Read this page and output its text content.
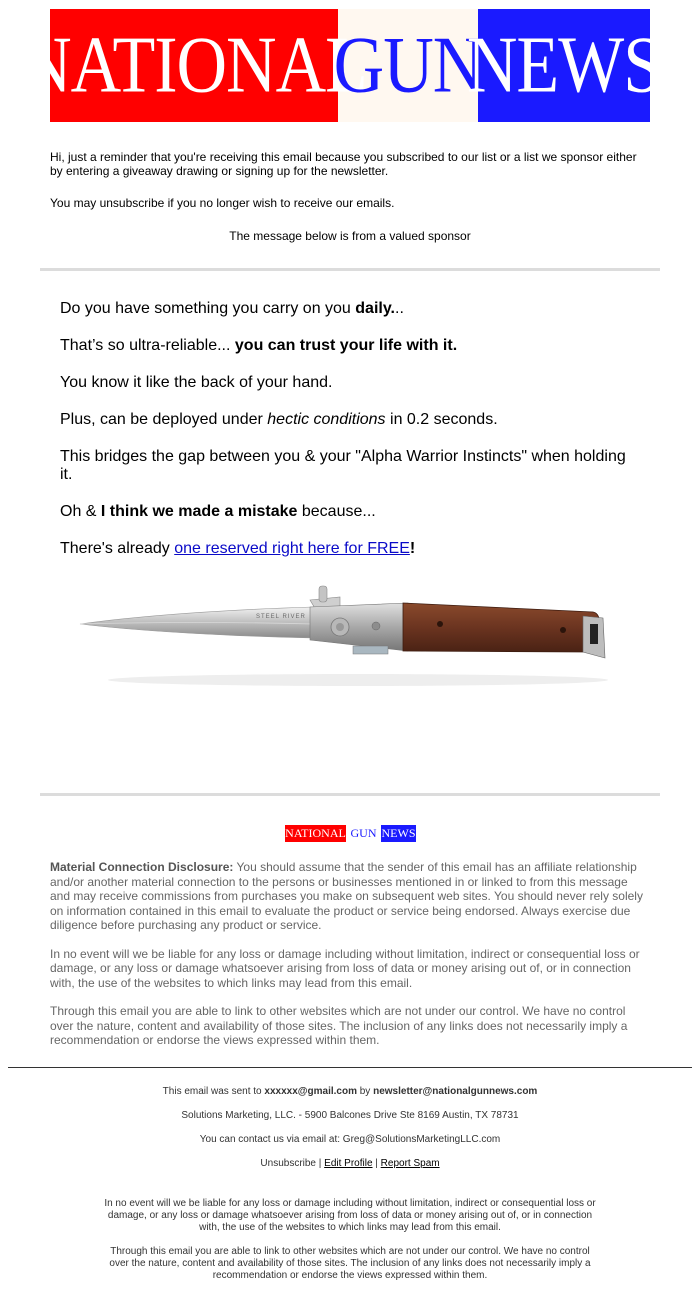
NATIONAL
GUN
NEWS
Hi, just a reminder that you're receiving this email because you subscribed to our list or a list we sponsor either by entering a giveaway drawing or signing up for the newsletter.
You may unsubscribe if you no longer wish to receive our emails.
The message below is from a valued sponsor

Do you have something you carry on you daily...

That’s so ultra-reliable... you can trust your life with it.

You know it like the back of your hand.

Plus, can be deployed under hectic conditions in 0.2 seconds.

This bridges the gap between you & your "Alpha Warrior Instincts" when holding it.

Oh & I think we made a mistake because...

There's already one reserved right here for FREE!

STEEL RIVER
NATIONAL GUN NEWS

Material Connection Disclosure: You should assume that the sender of this email has an affiliate relationship and/or another material connection to the persons or businesses mentioned in or linked to from this message and may receive commissions from purchases you make on subsequent web sites. You should never rely solely on information contained in this email to evaluate the product or service being endorsed. Always exercise due diligence before purchasing any product or service.

In no event will we be liable for any loss or damage including without limitation, indirect or consequential loss or damage, or any loss or damage whatsoever arising from loss of data or money arising out of, or in connection with, the use of the websites to which links may lead from this email.

Through this email you are able to link to other websites which are not under our control. We have no control over the nature, content and availability of those sites. The inclusion of any links does not necessarily imply a recommendation or endorse the views expressed within them.

This email was sent to xxxxxx@gmail.com by newsletter@nationalgunnews.com
Solutions Marketing, LLC. - 5900 Balcones Drive Ste 8169 Austin, TX 78731
You can contact us via email at: Greg@SolutionsMarketingLLC.com
Unsubscribe | Edit Profile | Report Spam

In no event will we be liable for any loss or damage including without limitation, indirect or consequential loss or damage, or any loss or damage whatsoever arising from loss of data or money arising out of, or in connection with, the use of the websites to which links may lead from this email.

Through this email you are able to link to other websites which are not under our control. We have no control over the nature, content and availability of those sites. The inclusion of any links does not necessarily imply a recommendation or endorse the views expressed within them.
